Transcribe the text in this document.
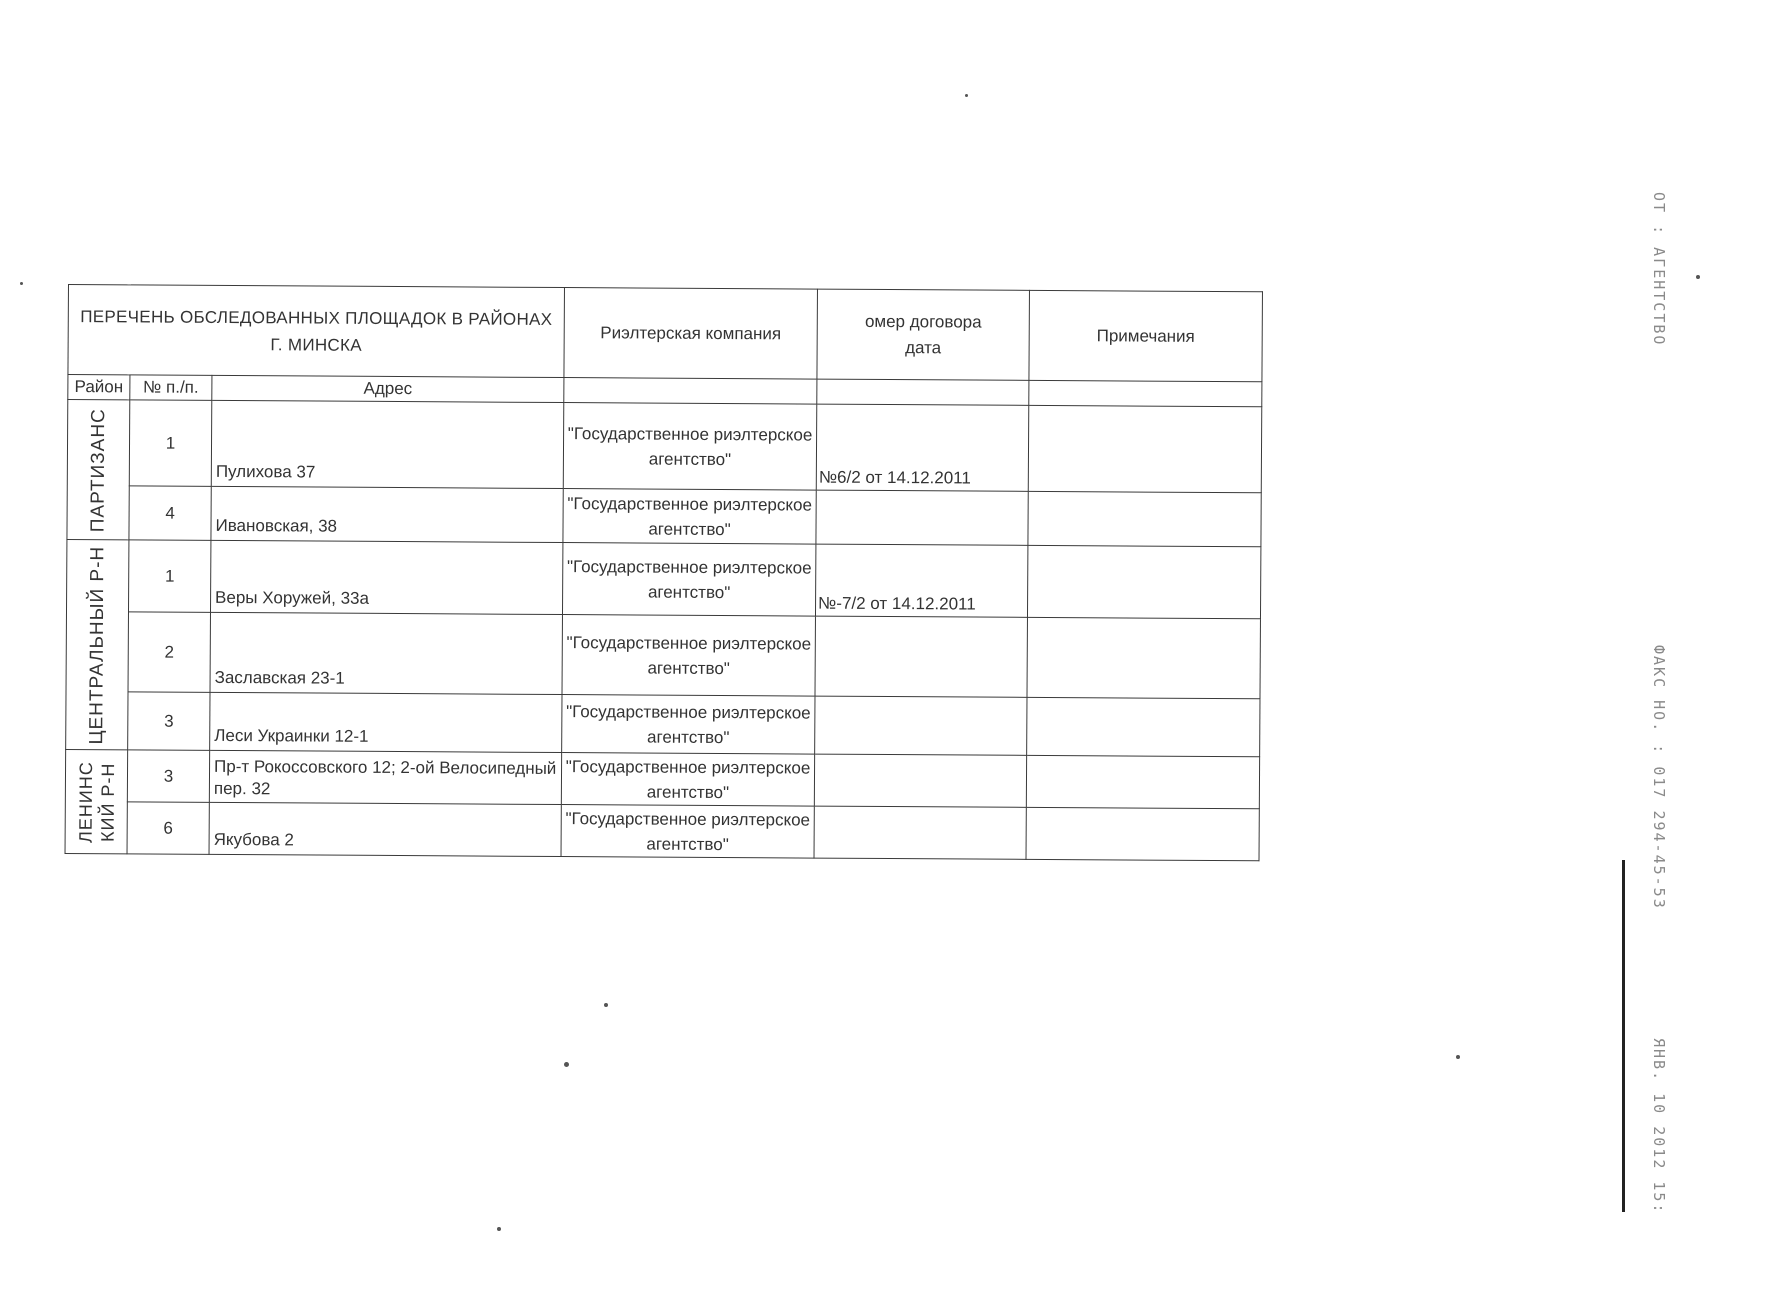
ПЕРЕЧЕНЬ ОБСЛЕДОВАННЫХ ПЛОЩАДОК В РАЙОНАХ Г. МИНСКА			Риэлтерская компания	омер договора дата	Примечания
Район	№ п./п.	Адрес			

ПАРТИЗАНС	1	Пулихова 37	"Государственное риэлтерское агентство"	№6/2 от 14.12.2011	
	4	Ивановская, 38	"Государственное риэлтерское агентство"		

ЦЕНТРАЛЬНЫЙ Р-Н	1	Веры Хоружей, 33а	"Государственное риэлтерское агентство"	№-7/2 от 14.12.2011	
	2	Заславская 23-1	"Государственное риэлтерское агентство"		
	3	Леси Украинки 12-1	"Государственное риэлтерское агентство"		

ЛЕНИНС КИЙ Р-Н	3	Пр-т Рокоссовского 12; 2-ой Велосипедный пер. 32	"Государственное риэлтерское агентство"		
	6	Якубова 2	"Государственное риэлтерское агентство"		
ОТ : АГЕНТСТВО
ФАКС НО. : 017 294-45-53
ЯНВ. 10 2012 15:
